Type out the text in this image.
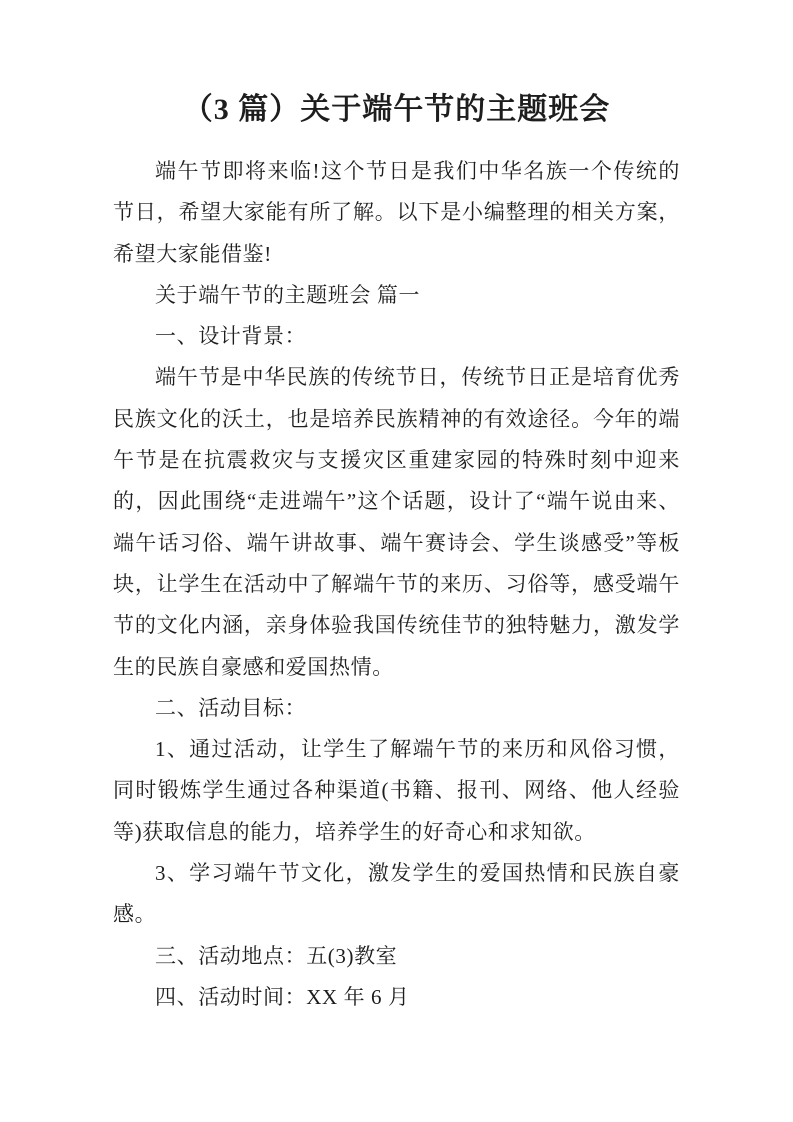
（3 篇）关于端午节的主题班会

端午节即将来临!这个节日是我们中华名族一个传统的节日，希望大家能有所了解。以下是小编整理的相关方案，希望大家能借鉴!

关于端午节的主题班会 篇一

一、设计背景：

端午节是中华民族的传统节日，传统节日正是培育优秀民族文化的沃土，也是培养民族精神的有效途径。今年的端午节是在抗震救灾与支援灾区重建家园的特殊时刻中迎来的，因此围绕“走进端午”这个话题，设计了“端午说由来、端午话习俗、端午讲故事、端午赛诗会、学生谈感受”等板块，让学生在活动中了解端午节的来历、习俗等，感受端午节的文化内涵，亲身体验我国传统佳节的独特魅力，激发学生的民族自豪感和爱国热情。

二、活动目标：

1、通过活动，让学生了解端午节的来历和风俗习惯，同时锻炼学生通过各种渠道(书籍、报刊、网络、他人经验等)获取信息的能力，培养学生的好奇心和求知欲。

3、学习端午节文化，激发学生的爱国热情和民族自豪感。

三、活动地点：五(3)教室

四、活动时间：XX 年 6 月
